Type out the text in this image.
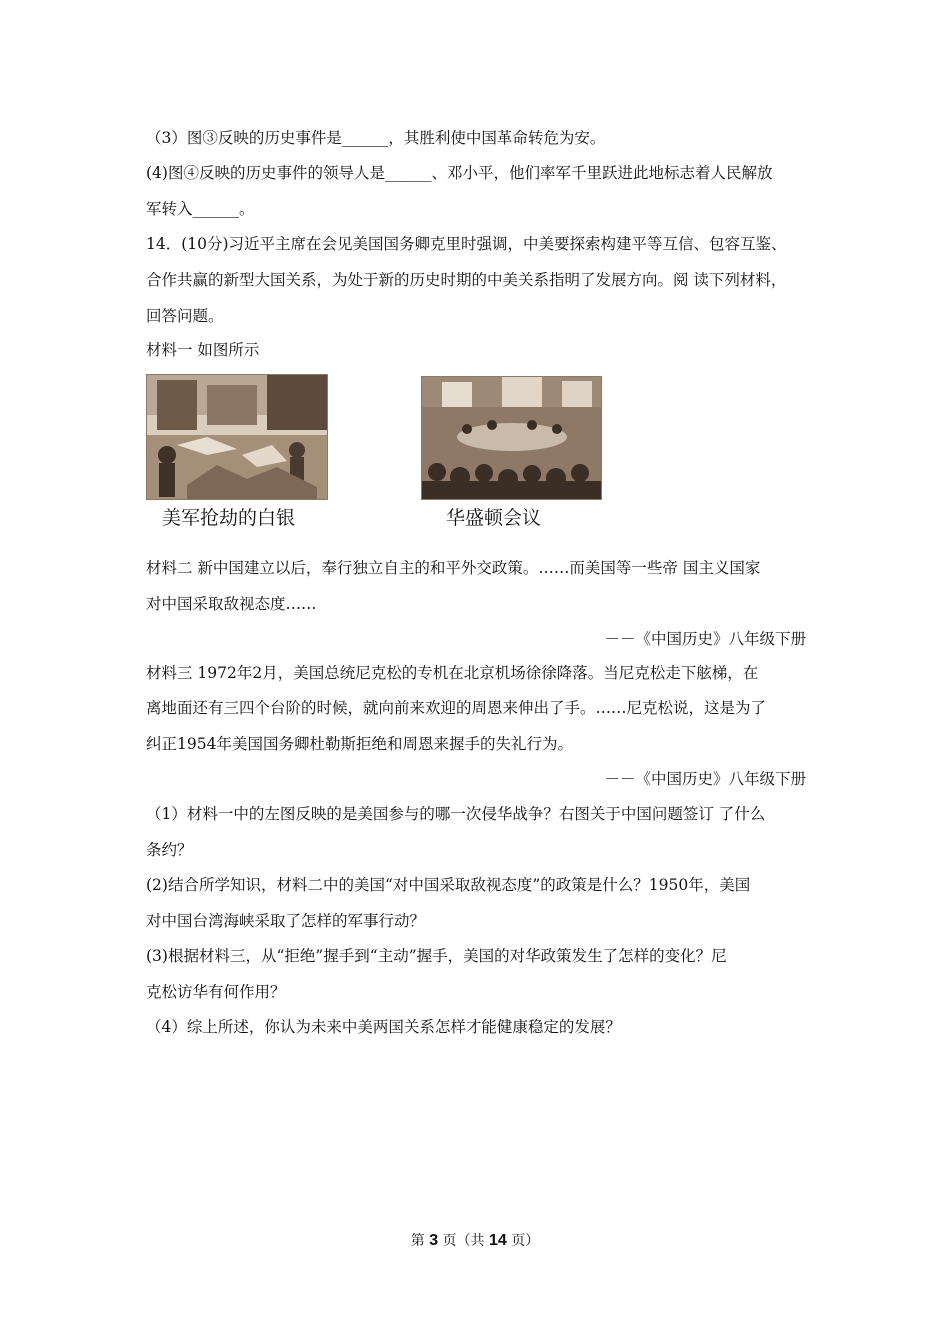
（3）图③反映的历史事件是______，其胜利使中国革命转危为安。
(4)图④反映的历史事件的领导人是______、邓小平，他们率军千里跃进此地标志着人民解放
军转入______。
14．(10分)习近平主席在会见美国国务卿克里时强调，中美要探索构建平等互信、包容互鉴、
合作共赢的新型大国关系，为处于新的历史时期的中美关系指明了发展方向。阅 读下列材料，
回答问题。
材料一 如图所示
美军抢劫的白银	华盛顿会议
材料二 新中国建立以后，奉行独立自主的和平外交政策。……而美国等一些帝 国主义国家
对中国采取敌视态度……
－－《中国历史》八年级下册
材料三 1972年2月，美国总统尼克松的专机在北京机场徐徐降落。当尼克松走下舷梯，在
离地面还有三四个台阶的时候，就向前来欢迎的周恩来伸出了手。……尼克松说，这是为了
纠正1954年美国国务卿杜勒斯拒绝和周恩来握手的失礼行为。
－－《中国历史》八年级下册
（1）材料一中的左图反映的是美国参与的哪一次侵华战争？右图关于中国问题签订 了什么
条约？
(2)结合所学知识，材料二中的美国“对中国采取敌视态度”的政策是什么？1950年，美国
对中国台湾海峡采取了怎样的军事行动？
(3)根据材料三，从“拒绝”握手到“主动”握手，美国的对华政策发生了怎样的变化？尼
克松访华有何作用？
（4）综上所述，你认为未来中美两国关系怎样才能健康稳定的发展？
第 3 页（共 14 页）
